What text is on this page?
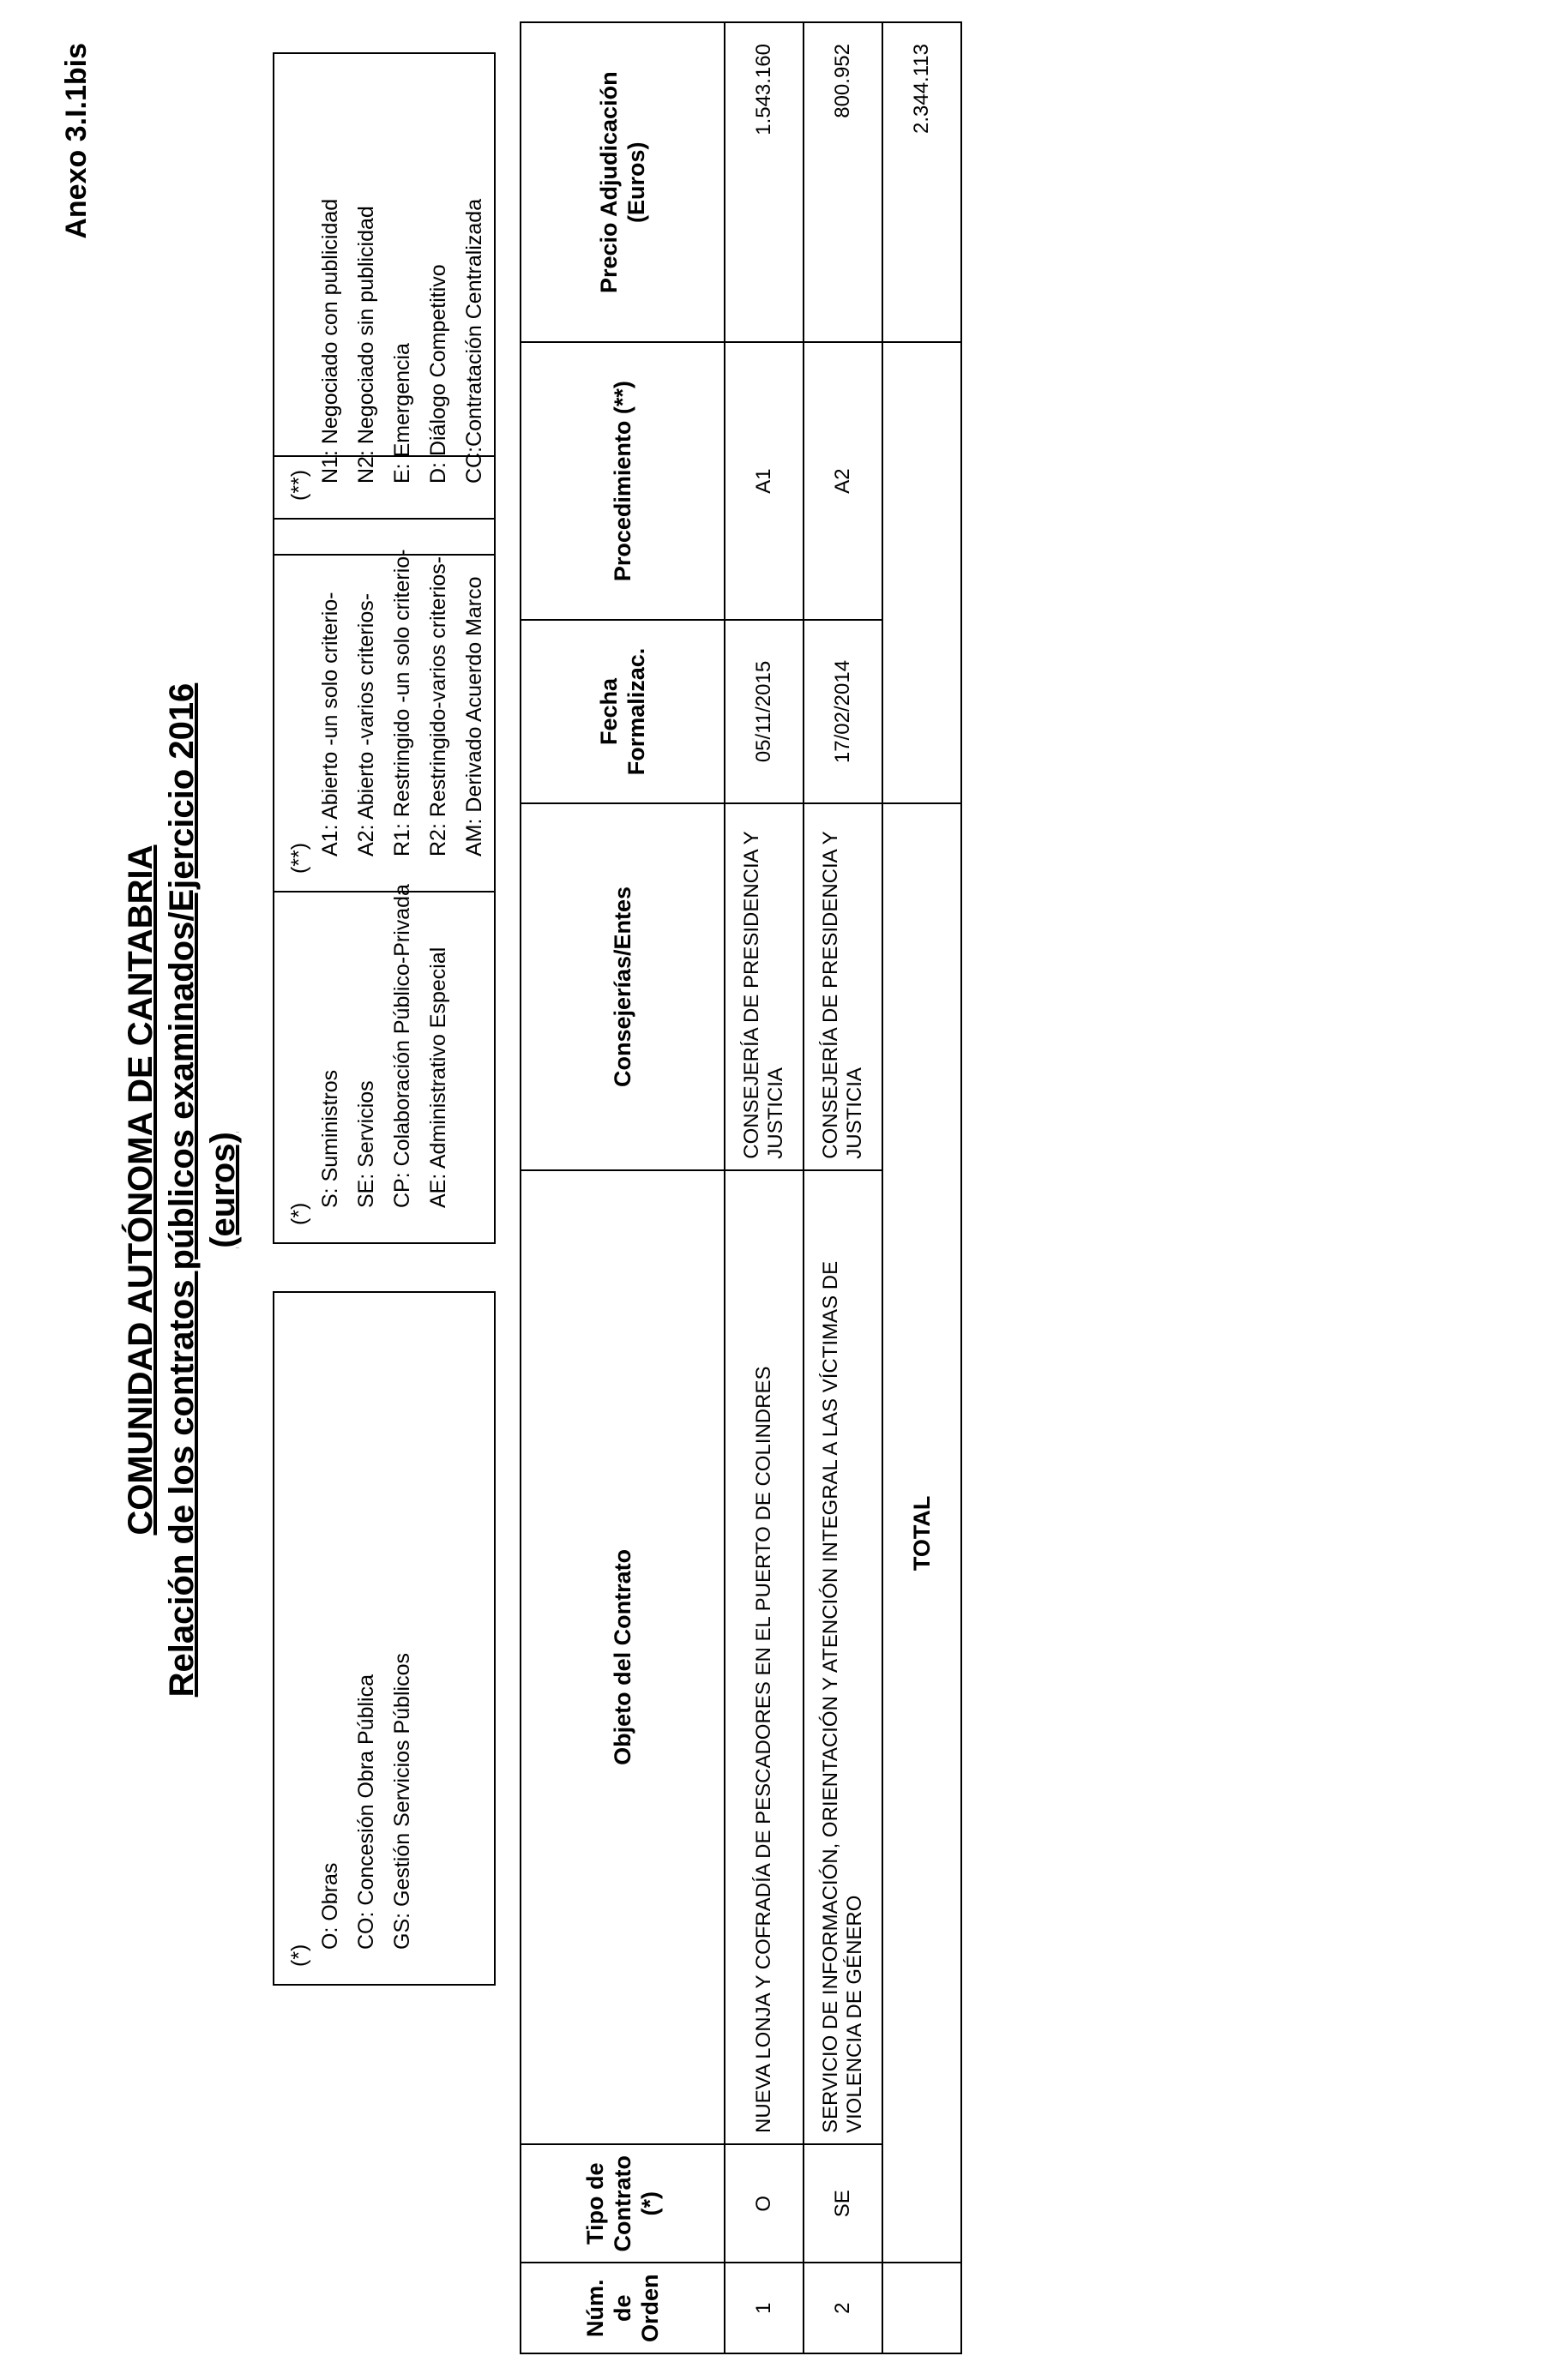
Anexo 3.I.1bis
COMUNIDAD AUTÓNOMA DE CANTABRIA Relación de los contratos públicos examinados/Ejercicio 2016 (euros)
(*)
O: Obras CO: Concesión Obra Pública GS: Gestión Servicios Públicos
(*)
S: Suministros SE: Servicios CP: Colaboración Público-Privada AE: Administrativo Especial
(**)
A1: Abierto -un solo criterio- A2: Abierto -varios criterios- R1: Restringido -un solo criterio- R2: Restringido-varios criterios- AM: Derivado Acuerdo Marco
(**)
N1: Negociado con publicidad N2: Negociado sin publicidad E: Emergencia D: Diálogo Competitivo CC:Contratación Centralizada
Núm. de Orden	Tipo de Contrato (*)	Objeto del Contrato	Consejerías/Entes	Fecha Formalizac.	Procedimiento (**)	Precio Adjudicación (Euros)
1	O	NUEVA LONJA Y COFRADÍA DE PESCADORES EN EL PUERTO DE COLINDRES	CONSEJERÍA DE PRESIDENCIA Y JUSTICIA	05/11/2015	A1	1.543.160
2	SE	SERVICIO DE INFORMACIÓN, ORIENTACIÓN Y ATENCIÓN INTEGRAL A LAS VÍCTIMAS DE VIOLENCIA DE GÉNERO	CONSEJERÍA DE PRESIDENCIA Y JUSTICIA	17/02/2014	A2	800.952
	TOTAL					2.344.113
